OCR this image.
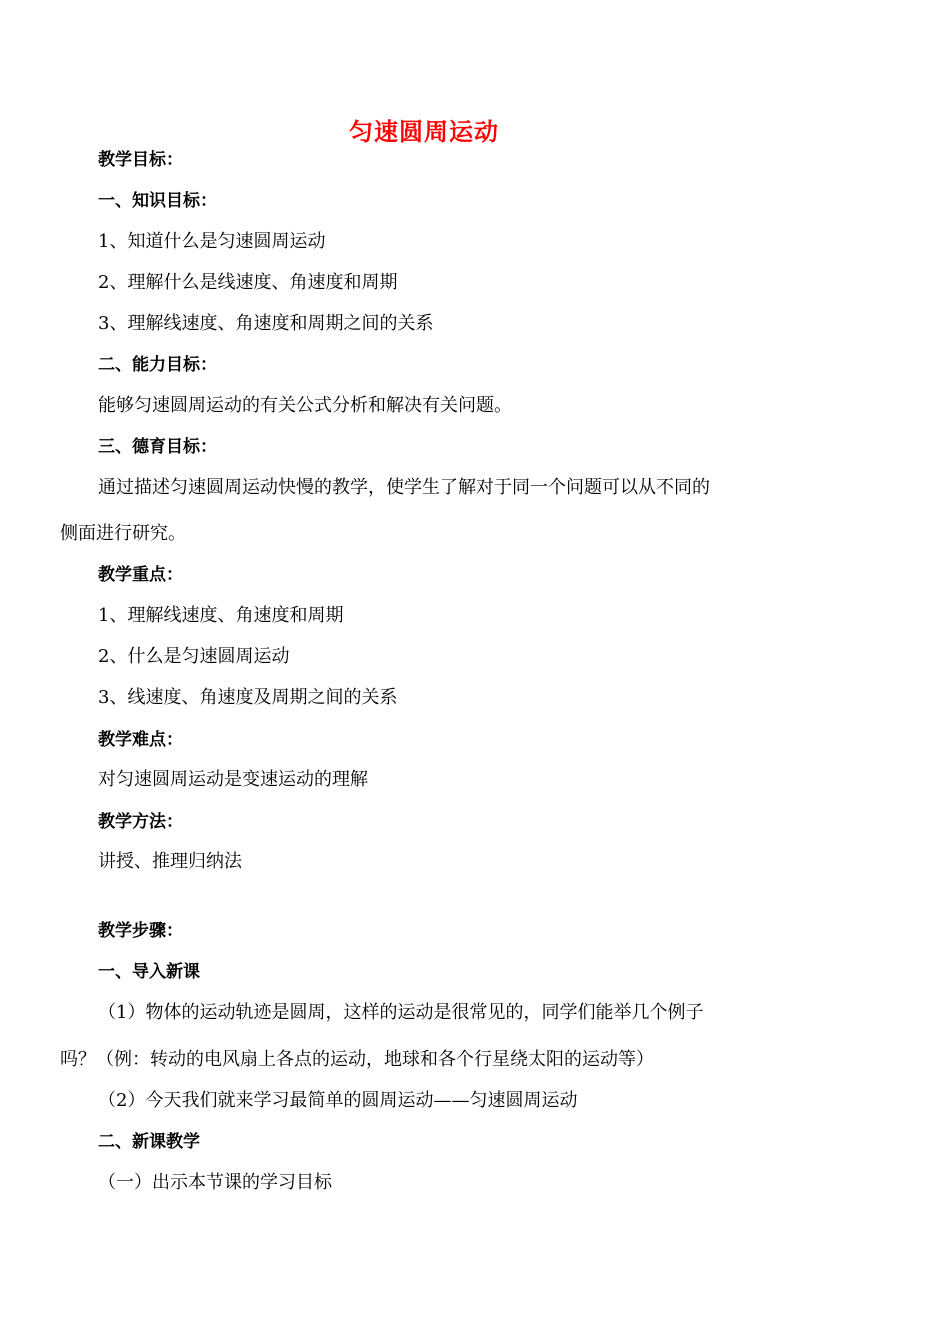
匀速圆周运动
教学目标：
一、知识目标：
1、知道什么是匀速圆周运动
2、理解什么是线速度、角速度和周期
3、理解线速度、角速度和周期之间的关系
二、能力目标：
能够匀速圆周运动的有关公式分析和解决有关问题。
三、德育目标：
通过描述匀速圆周运动快慢的教学，使学生了解对于同一个问题可以从不同的
侧面进行研究。
教学重点：
1、理解线速度、角速度和周期
2、什么是匀速圆周运动
3、线速度、角速度及周期之间的关系
教学难点：
对匀速圆周运动是变速运动的理解
教学方法：
讲授、推理归纳法
教学步骤：
一、导入新课
（1）物体的运动轨迹是圆周，这样的运动是很常见的，同学们能举几个例子
吗？（例：转动的电风扇上各点的运动，地球和各个行星绕太阳的运动等）
（2）今天我们就来学习最简单的圆周运动——匀速圆周运动
二、新课教学
（一）出示本节课的学习目标
